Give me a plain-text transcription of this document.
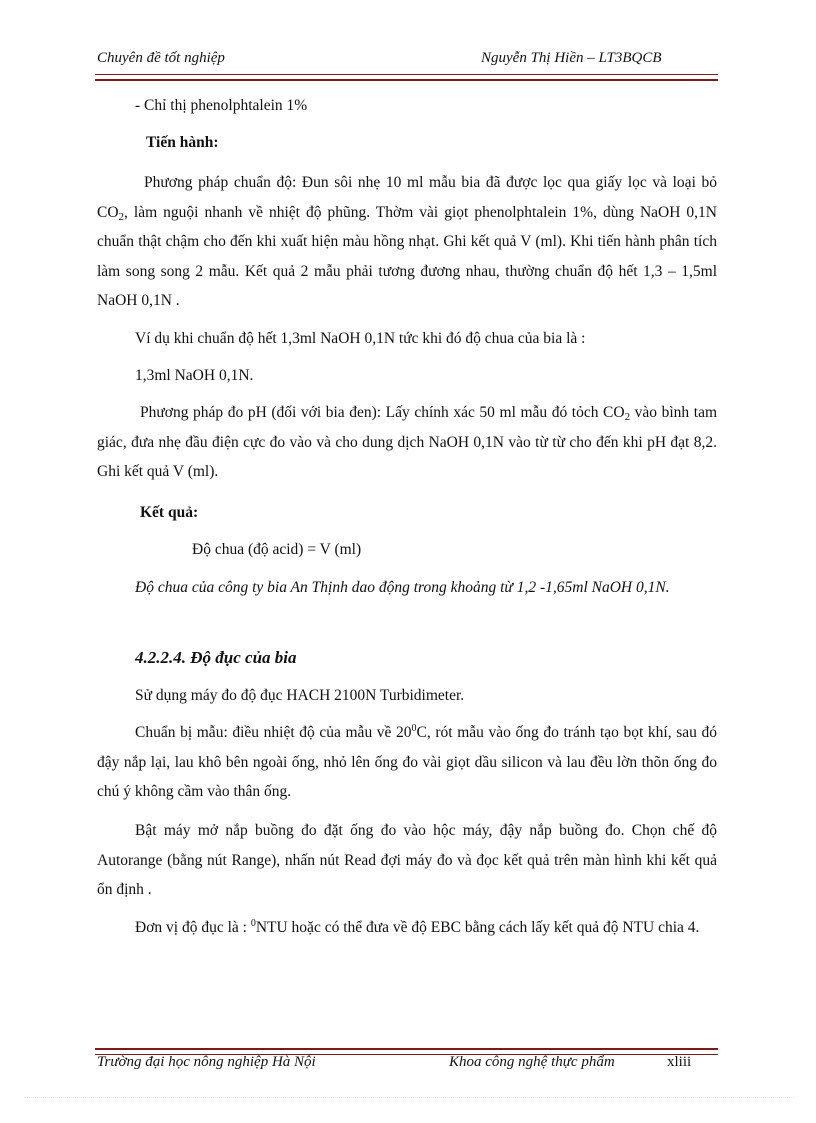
Chuyên đề tốt nghiệp	Nguyễn Thị Hiền – LT3BQCB
- Chỉ thị phenolphtalein 1%
Tiến hành:
Phương pháp chuẩn độ: Đun sôi nhẹ 10 ml mẫu bia đã được lọc qua giấy lọc và loại bỏ $CO_2$, làm nguội nhanh về nhiệt độ phũng. Thờm vài giọt phenolphtalein 1%, dùng NaOH 0,1N chuẩn thật chậm cho đến khi xuất hiện màu hồng nhạt. Ghi kết quả V (ml). Khi tiến hành phân tích làm song song 2 mẫu. Kết quả 2 mẫu phải tương đương nhau, thường chuẩn độ hết 1,3 – 1,5ml NaOH 0,1N .
Ví dụ khi chuẩn độ hết 1,3ml NaOH 0,1N tức khi đó độ chua của bia là :
1,3ml NaOH 0,1N.
Phương pháp đo pH (đối với bia đen): Lấy chính xác 50 ml mẫu đó tỏch $CO_2$ vào bình tam giác, đưa nhẹ đầu điện cực đo vào và cho dung dịch NaOH 0,1N vào từ từ cho đến khi pH đạt 8,2. Ghi kết quả V (ml).
Kết quả:
Độ chua (độ acid) = V (ml)
Độ chua của công ty bia An Thịnh dao động trong khoảng từ 1,2 -1,65ml NaOH 0,1N.
4.2.2.4. Độ đục của bia
Sử dụng máy đo độ đục HACH 2100N Turbidimeter.
Chuẩn bị mẫu: điều nhiệt độ của mẫu về $20^0C$, rót mẫu vào ống đo tránh tạo bọt khí, sau đó đậy nắp lại, lau khô bên ngoài ống, nhỏ lên ống đo vài giọt dầu silicon và lau đều lờn thõn ống đo chú ý không cầm vào thân ống.
Bật máy mở nắp buồng đo đặt ống đo vào hộc máy, đậy nắp buồng đo. Chọn chế độ Autorange (bằng nút Range), nhấn nút Read đợi máy đo và đọc kết quả trên màn hình khi kết quả ổn định .
Đơn vị độ đục là : $^0$NTU hoặc có thể đưa về độ EBC bằng cách lấy kết quả độ NTU chia 4.
Trường đại học nông nghiệp Hà Nội	Khoa công nghệ thực phẩm	xliii
